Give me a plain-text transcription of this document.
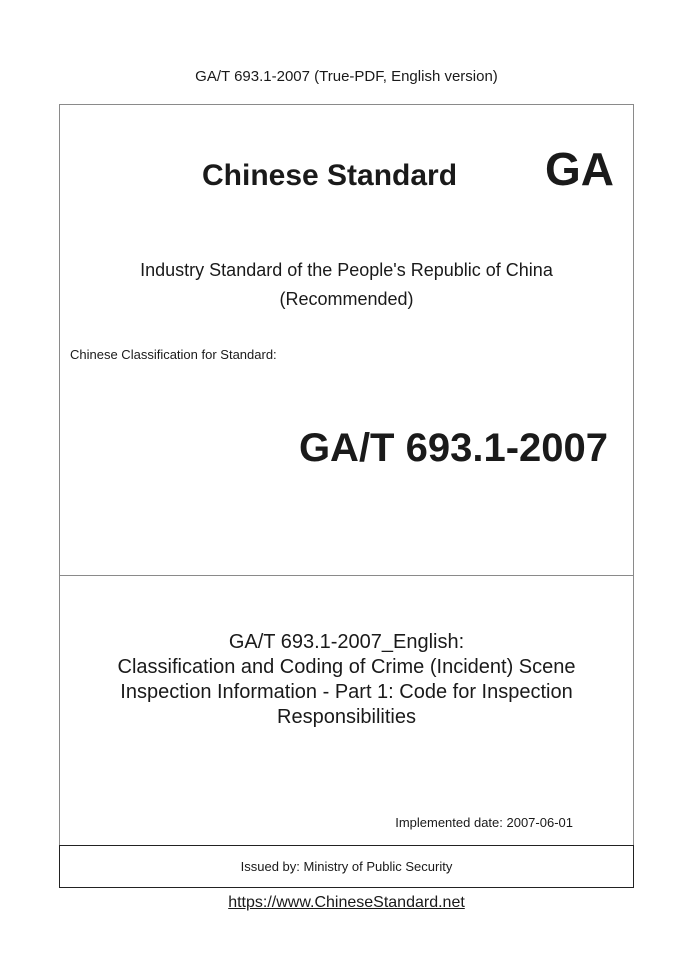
GA/T 693.1-2007 (True-PDF, English version)
Chinese Standard GA
Industry Standard of the People's Republic of China
(Recommended)
Chinese Classification for Standard:
GA/T 693.1-2007
GA/T 693.1-2007_English:
Classification and Coding of Crime (Incident) Scene
Inspection Information - Part 1: Code for Inspection
Responsibilities
Implemented date: 2007-06-01
Issued by: Ministry of Public Security
https://www.ChineseStandard.net
